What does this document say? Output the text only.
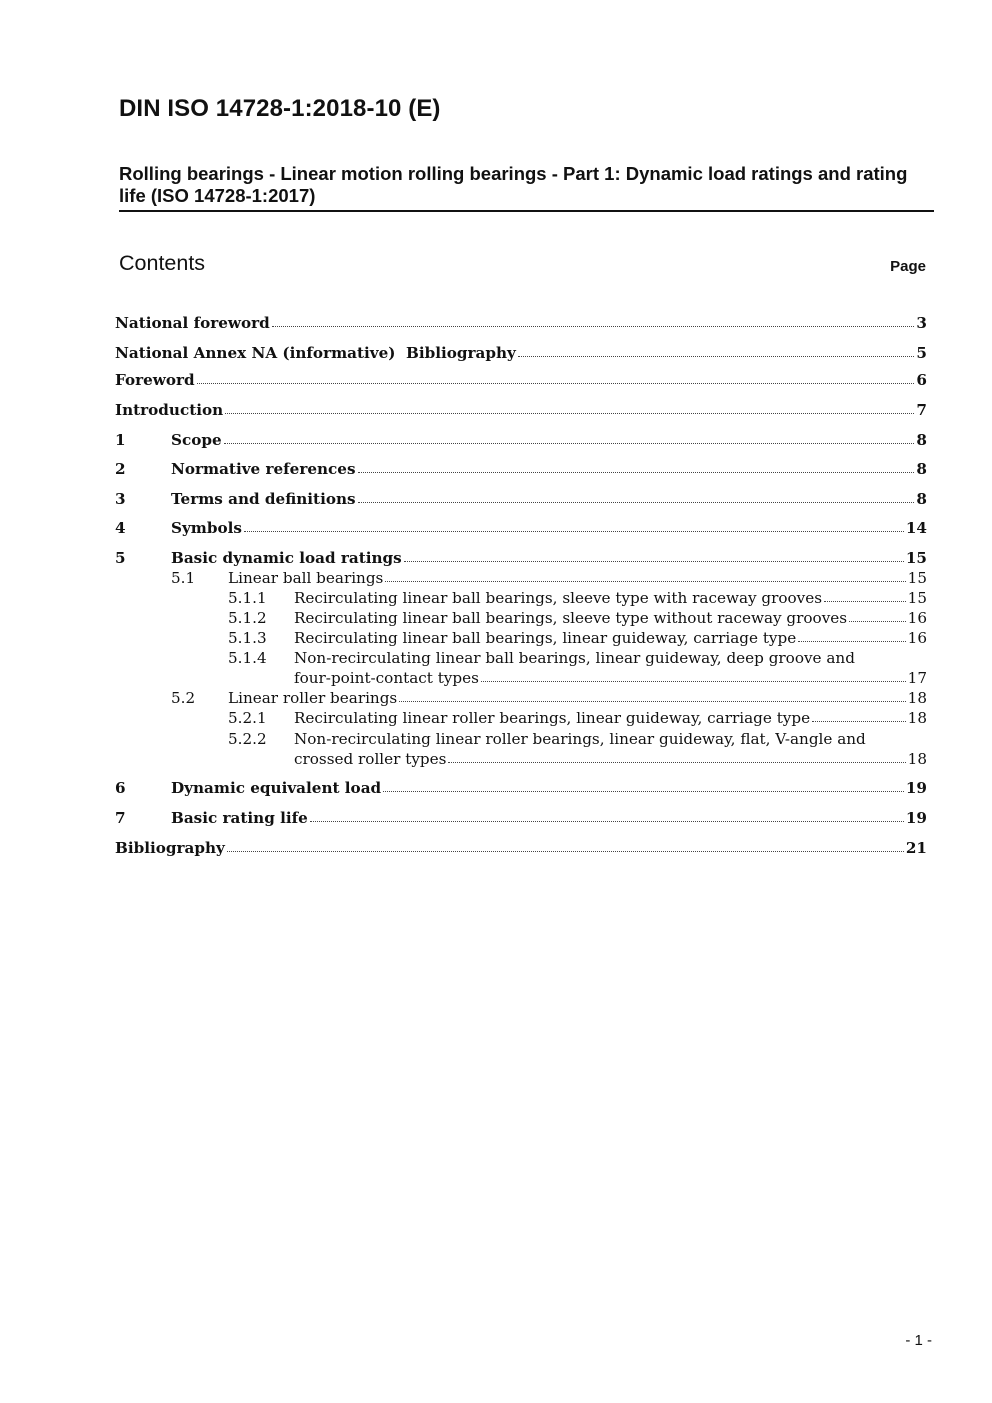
DIN ISO 14728-1:2018-10 (E)
Rolling bearings - Linear motion rolling bearings - Part 1: Dynamic load ratings and rating life (ISO 14728-1:2017)
Contents	Page
National foreword	3
National Annex NA (informative)  Bibliography	5
Foreword	6
Introduction	7
1	Scope	8
2	Normative references	8
3	Terms and definitions	8
4	Symbols	14
5	Basic dynamic load ratings	15
5.1	Linear ball bearings	15
5.1.1	Recirculating linear ball bearings, sleeve type with raceway grooves	15
5.1.2	Recirculating linear ball bearings, sleeve type without raceway grooves	16
5.1.3	Recirculating linear ball bearings, linear guideway, carriage type	16
5.1.4 Non-recirculating linear ball bearings, linear guideway, deep groove and
four-point-contact types	17
5.2	Linear roller bearings	18
5.2.1	Recirculating linear roller bearings, linear guideway, carriage type	18
5.2.2 Non-recirculating linear roller bearings, linear guideway, flat, V-angle and
crossed roller types	18
6	Dynamic equivalent load	19
7	Basic rating life	19
Bibliography	21
- 1 -
